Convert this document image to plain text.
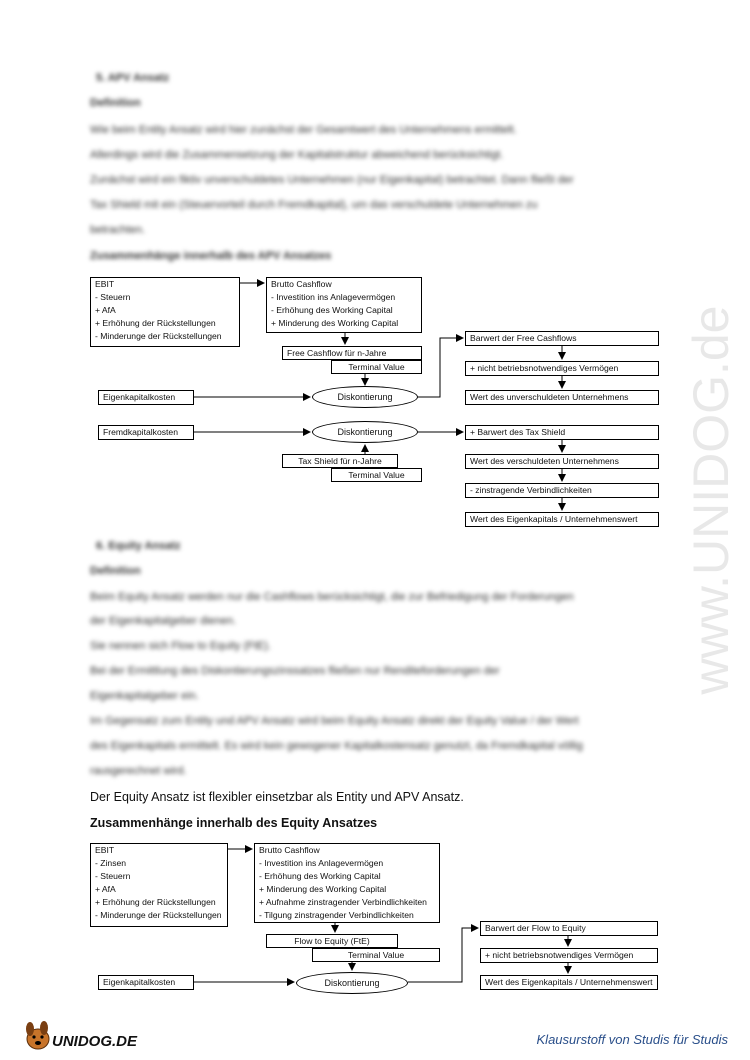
5. APV Ansatz
Definition
Wie beim Entity Ansatz wird hier zunächst der Gesamtwert des Unternehmens ermittelt.
Allerdings wird die Zusammensetzung der Kapitalstruktur abweichend berücksichtigt.
Zunächst wird ein fiktiv unverschuldetes Unternehmen (nur Eigenkapital) betrachtet. Dann fließt der
Tax Shield mit ein (Steuervorteil durch Fremdkapital), um das verschuldete Unternehmen zu
betrachten.
Zusammenhänge innerhalb des APV Ansatzes
EBIT
- Steuern
+ AfA
+ Erhöhung der Rückstellungen
- Minderunge der Rückstellungen
Brutto Cashflow
- Investition ins Anlagevermögen
- Erhöhung des Working Capital
+ Minderung des Working Capital
Free Cashflow für n-Jahre
Terminal Value
Eigenkapitalkosten	Diskontierung
Fremdkapitalkosten	Diskontierung
Tax Shield für n-Jahre
Terminal Value
Barwert der Free Cashflows
+ nicht betriebsnotwendiges Vermögen
Wert des unverschuldeten Unternehmens
+ Barwert des Tax Shield
Wert des verschuldeten Unternehmens
- zinstragende Verbindlichkeiten
Wert des Eigenkapitals / Unternehmenswert
6. Equity Ansatz
Definition
Beim Equity Ansatz werden nur die Cashflows berücksichtigt, die zur Befriedigung der Forderungen
der Eigenkapitalgeber dienen.
Sie nennen sich Flow to Equity (FtE).
Bei der Ermittlung des Diskontierungszinssatzes fließen nur Renditeforderungen der
Eigenkapitalgeber ein.
Im Gegensatz zum Entity und APV Ansatz wird beim Equity Ansatz direkt der Equity Value / der Wert
des Eigenkapitals ermittelt. Es wird kein gewogener Kapitalkostensatz genutzt, da Fremdkapital völlig
rausgerechnet wird.
Der Equity Ansatz ist flexibler einsetzbar als Entity und APV Ansatz.
Zusammenhänge innerhalb des Equity Ansatzes
EBIT
- Zinsen
- Steuern
+ AfA
+ Erhöhung der Rückstellungen
- Minderunge der Rückstellungen
Brutto Cashflow
- Investition ins Anlagevermögen
- Erhöhung des Working Capital
+ Minderung des Working Capital
+ Aufnahme zinstragender Verbindlichkeiten
- Tilgung zinstragender Verbindlichkeiten
Flow to Equity (FtE)
Terminal Value
Eigenkapitalkosten	Diskontierung
Barwert der Flow to Equity
+ nicht betriebsnotwendiges Vermögen
Wert des Eigenkapitals / Unternehmenswert
www.UNIDOG.de
UNIDOG.DE	Klausurstoff von Studis für Studis
